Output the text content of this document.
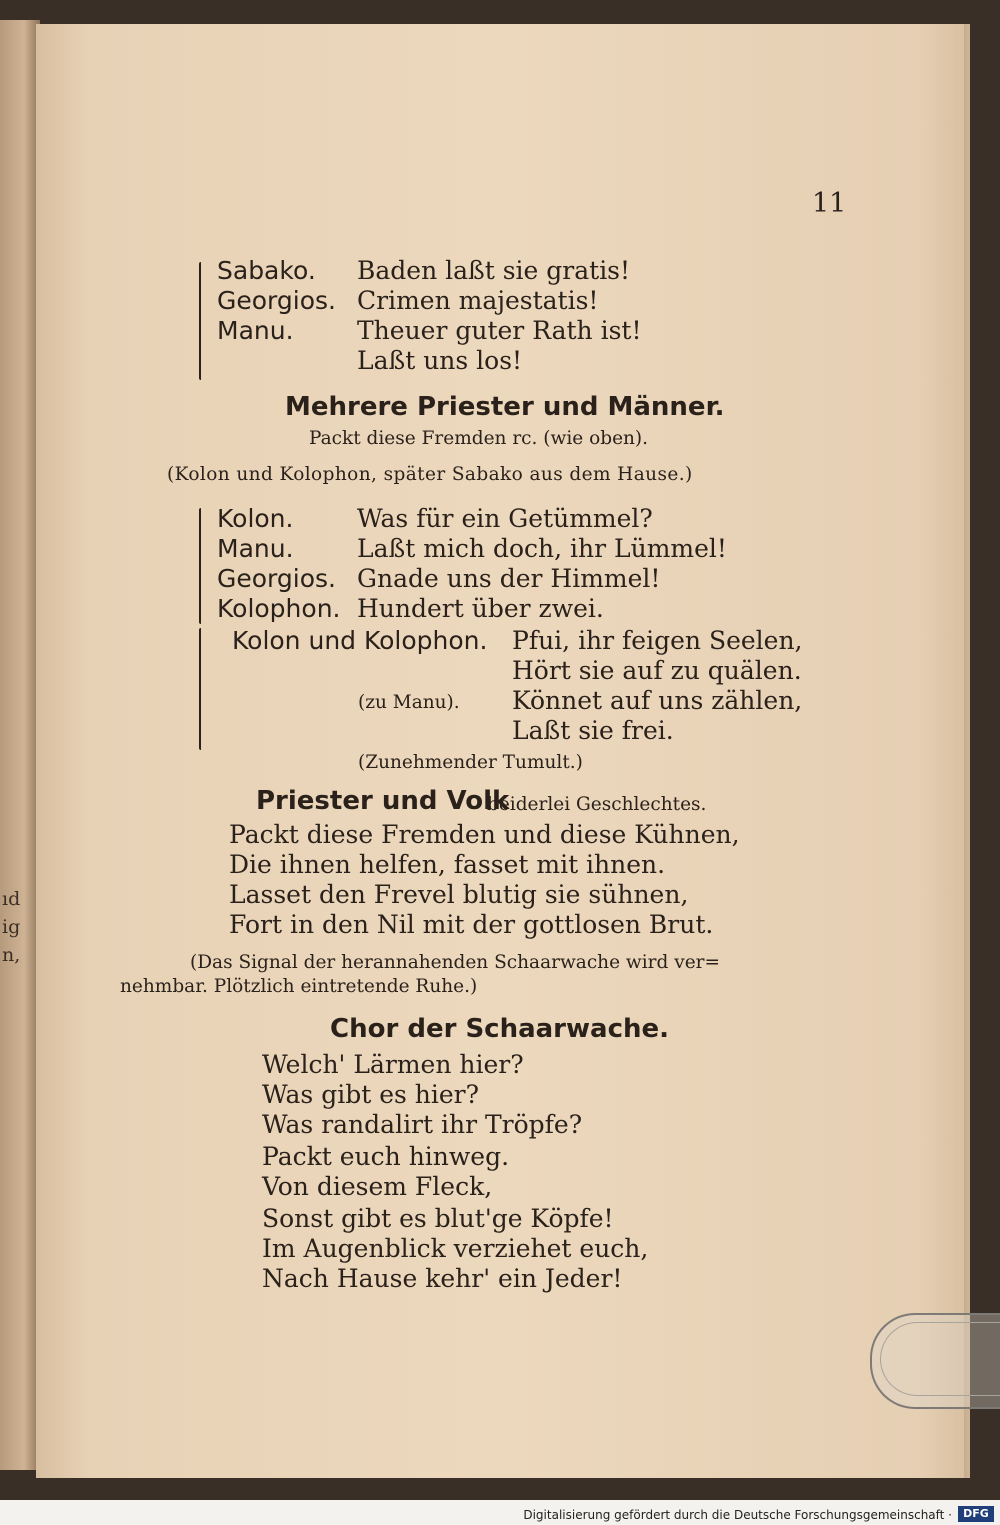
ıd
ig
n,
11
Sabako. Baden laßt sie gratis!
Georgios. Crimen majestatis!
Manu.	Theuer guter Rath ist!
Laßt uns los!
Mehrere Priester und Männer.
Packt diese Fremden rc. (wie oben).
(Kolon und Kolophon, später Sabako aus dem Hause.)
Kolon.	Was für ein Getümmel?
Manu.	Laßt mich doch, ihr Lümmel!
Georgios. Gnade uns der Himmel!
Kolophon. Hundert über zwei.
Kolon und Kolophon. Pfui, ihr feigen Seelen,
Hört sie auf zu quälen.
(zu Manu). Könnet auf uns zählen,
Laßt sie frei.
(Zunehmender Tumult.)
Priester und Volk
beiderlei Geschlechtes.
Packt diese Fremden und diese Kühnen,
Die ihnen helfen, fasset mit ihnen.
Lasset den Frevel blutig sie sühnen,
Fort in den Nil mit der gottlosen Brut.
(Das Signal der herannahenden Schaarwache wird ver=
nehmbar. Plötzlich eintretende Ruhe.)
Chor der Schaarwache.
Welch' Lärmen hier?
Was gibt es hier?
Was randalirt ihr Tröpfe?
Packt euch hinweg.
Von diesem Fleck,
Sonst gibt es blut'ge Köpfe!
Im Augenblick verziehet euch,
Nach Hause kehr' ein Jeder!
Digitalisierung gefördert durch die Deutsche Forschungsgemeinschaft ·	DFG
